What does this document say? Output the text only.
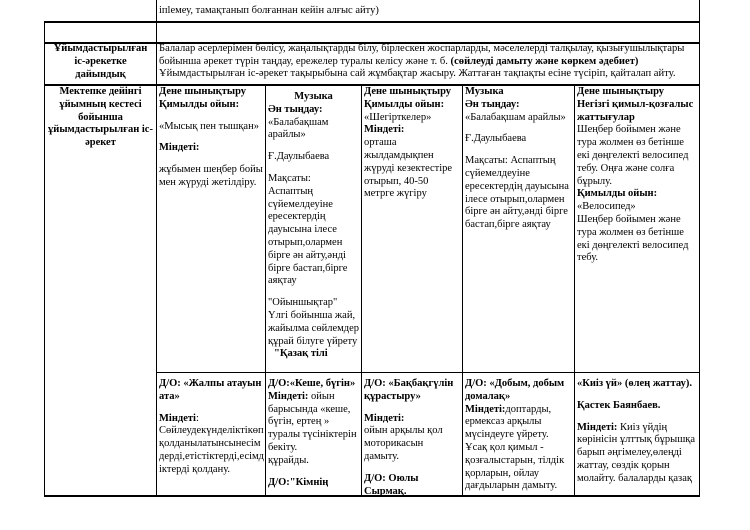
іп‌lемеу, тамақтанып болғаннан кейін алғыс айту)
Ұйымдастырылған іс-әрекетке дайындық

Балалар әсерлерімен бөлісу, жаңалықтарды білу, бірлескен жоспарларды, мәселелерді талқылау, қызығушылықтары

бойынша әрекет түрін таңдау, ережелер туралы келісу және т. б. (сөйлеуді дамыту және көркем әдебиет)

Ұйымдастырылған іс-әрекет тақырыбына сай жұмбақтар жасыру. Жаттаған тақпақты есіне түсіріп, қайталап айту.

Мектепке дейінгі ұйымның кестесі бойынша ұйымдастырылған іс-әрекет

Дене шынықтыру

Қимылды ойын:

«Мысық пен тышқан»

Міндеті:

жұбымен шеңбер бойы мен жүруді жетілдіру.

Музыка

Ән тыңдау:

«Балабақшам арайлы»

Ғ.Даулыбаева

Мақсаты:

Аспаптың сүйемелдеуіне ересектердің дауысына ілесе отырып,олармен бірге ән айту,әнді бірге бастап,бірге аяқтау

"Ойыншықтар"

Үлгі бойынша жай, жайылма сөйлемдер құрай білуге үйрету

"Қазақ тілі

Дене шынықтыру

Қимылды ойын:

«Шегіртке‌лер»

Міндеті:

орташа жылдамдықпен жүруді кезектестіре отырып, 40-50 метрге жүгіру

Музыка

Ән тыңдау:

«Балабақшам арайлы»

Ғ.Даулыбаева

Мақсаты: Аспаптың сүйемелдеуіне ересектердің дауысына ілесе отырып,олармен бірге ән айту,әнді бірге бастап,бірге аяқтау

Дене шынықтыру

Негізгі қимыл-қозғалыс жаттығулар

Шеңбер бойымен және тура жолмен өз бетінше екі дөңгелекті велосипед тебу. Оңға және солға бұрылу.

Қимылды ойын:

«Велосипед»

Шеңбер бойымен және тура жолмен өз бетінше екі дөңгелекті велосипед тебу.

Д/О: «Жалпы атауын ата»

Міндеті: Сөйлеудекүнделіктікөп қолданылатынсынесім дерді,етістіктерді,есімд іктерді қолдану.

Д/О:«Кеше, бүгін»

Міндеті: ойын барысында «кеше, бүгін, ертең » туралы түсініктерін бекіту.

құрайды.

Д/О:"Кімнің

Д/О: «Бақбақгүлін құрастыру»

Міндеті:

ойын арқылы қол моторикасын дамыту.

Д/О: Оюлы Сырмақ.

Д/О: «Добым, добым домалақ»

Міндеті:доптарды, ермексаз арқылы мүсіндеуге үйрету. Ұсақ қол қимыл - қозғалыстарын, тілдік қорларын, ойлау дағдыларын дамыту.

«Киіз үй» (өлең жаттау).

Қастек Баянбаев.

Міндеті: Киіз үйдің көрінісін ұлттық бұрышқа барып әңгімелеу,өлеңді жаттау, сөздік қорын молайту. балаларды қазақ
